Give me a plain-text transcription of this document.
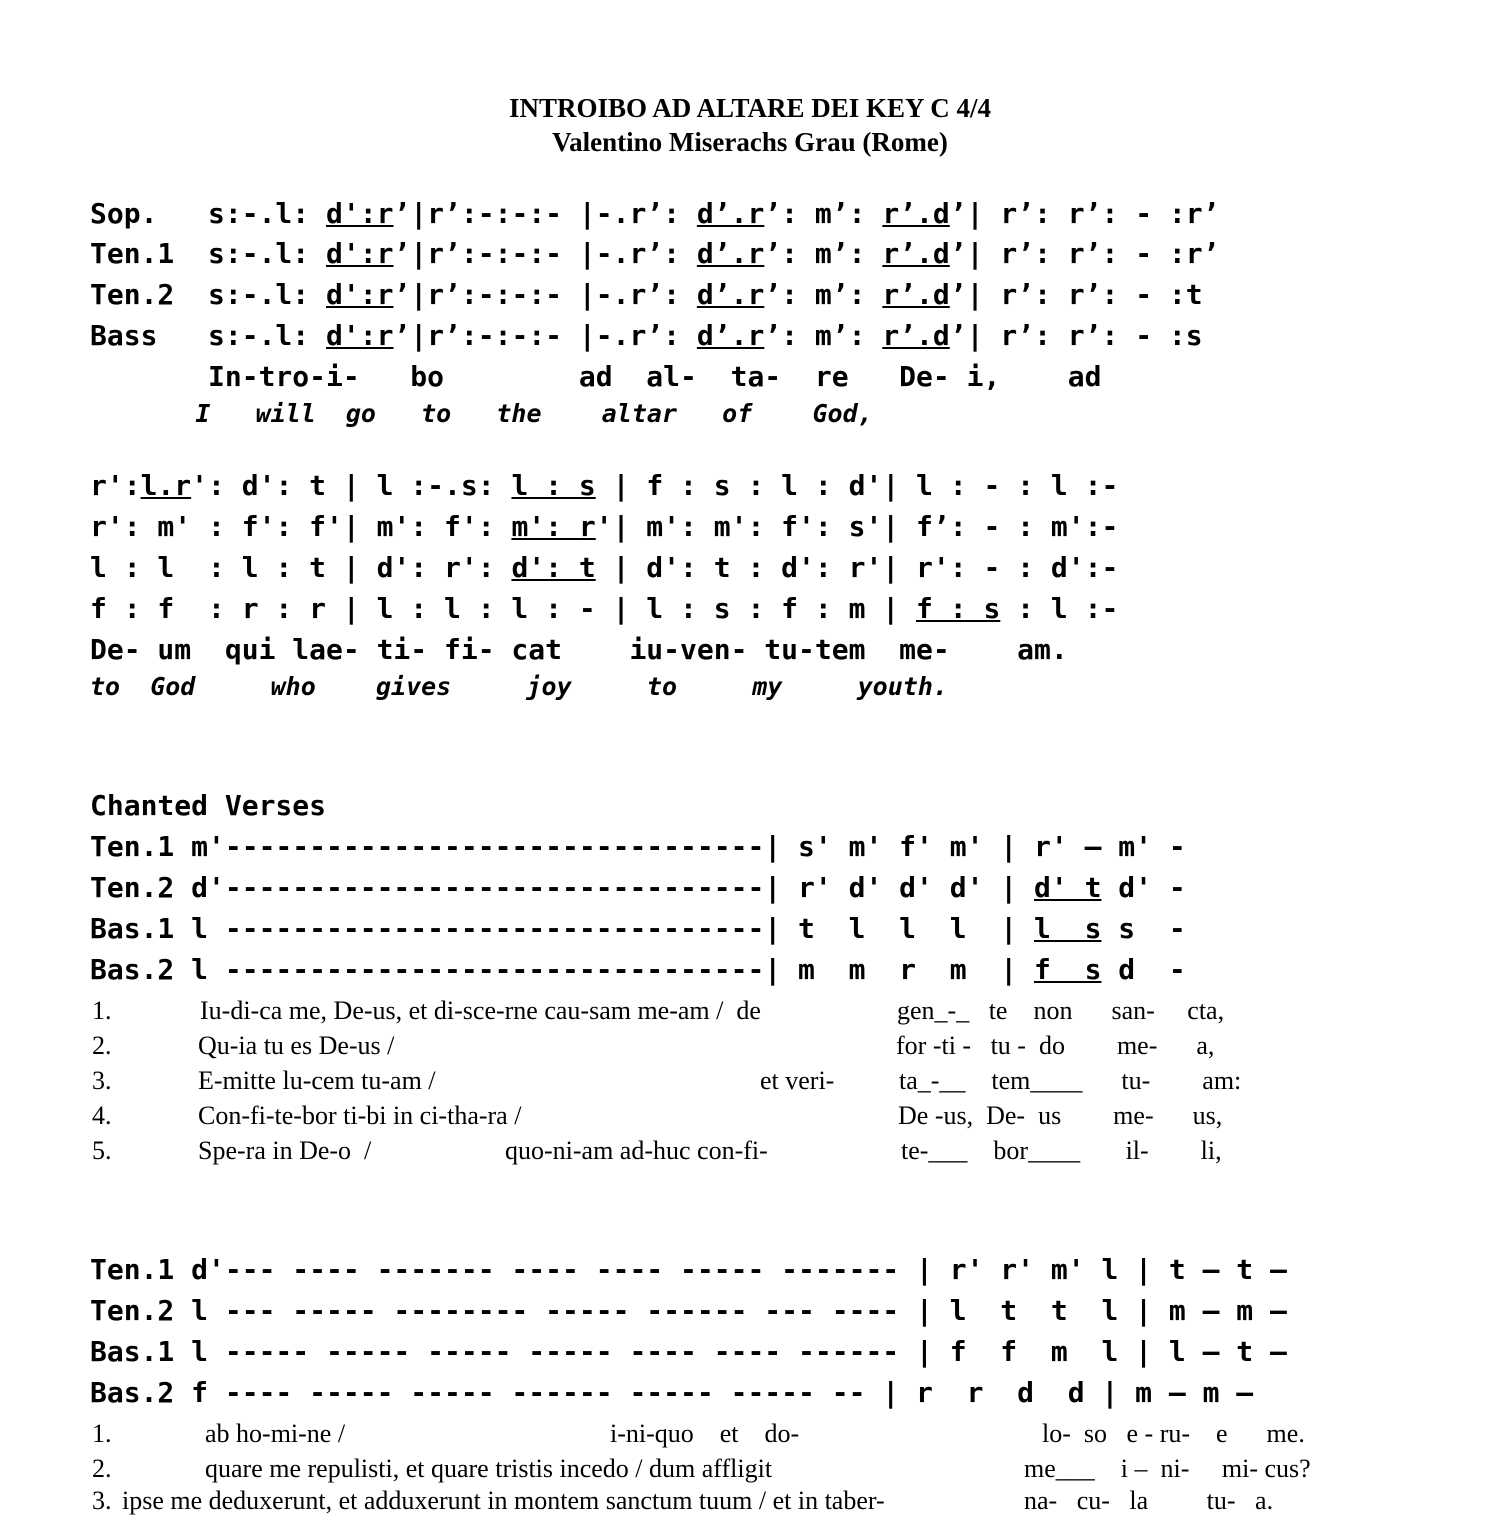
INTROIBO AD ALTARE DEI KEY C 4/4
Valentino Miserachs Grau (Rome)
Sop.   s:-.l: d':r’|r’:-:-:- |-.r’: d’.r’: m’: r’.d’| r’: r’: - :r’
Ten.1  s:-.l: d':r’|r’:-:-:- |-.r’: d’.r’: m’: r’.d’| r’: r’: - :r’
Ten.2  s:-.l: d':r’|r’:-:-:- |-.r’: d’.r’: m’: r’.d’| r’: r’: - :t
Bass   s:-.l: d':r’|r’:-:-:- |-.r’: d’.r’: m’: r’.d’| r’: r’: - :s
In-tro-i-   bo        ad  al-  ta-  re   De- i,    ad
I   will  go   to   the    altar   of    God,
r':l.r': d': t | l :-.s: l : s | f : s : l : d'| l : - : l :-
r': m' : f': f'| m': f': m': r'| m': m': f': s'| f’: - : m':-
l : l  : l : t | d': r': d': t | d': t : d': r'| r': - : d':-
f : f  : r : r | l : l : l : - | l : s : f : m | f : s : l :-
De- um  qui lae- ti- fi- cat    iu-ven- tu-tem  me-    am.
to  God     who    gives     joy     to     my     youth.
Chanted Verses
Ten.1 m'--------------------------------| s' m' f' m' | r' – m' -
Ten.2 d'--------------------------------| r' d' d' d' | d' t d' -
Bas.1 l --------------------------------| t  l  l  l  | l  s s  -
Bas.2 l --------------------------------| m  m  r  m  | f  s d  -
1.	Iu-di-ca me, De-us, et di-sce-rne cau-sam me-am /  de	gen_-_   te    non      san-     cta,
2.	Qu-ia tu es De-us /	for -ti -   tu -  do        me-      a,
3.	E-mitte lu-cem tu-am /	et veri- ta_-__    tem____      tu-        am:
4.	Con-fi-te-bor ti-bi in ci-tha-ra /	De -us,  De-  us        me-      us,
5.	Spe-ra in De-o  /	quo-ni-am ad-huc con-fi-	te-___    bor____       il-        li,
Ten.1 d'--- ---- ------- ---- ---- ----- ------- | r' r' m' l | t – t –
Ten.2 l --- ----- -------- ----- ------ --- ---- | l  t  t  l | m – m –
Bas.1 l ----- ----- ----- ----- ---- ---- ------ | f  f  m  l | l – t –
Bas.2 f ---- ----- ----- ------ ----- ----- -- | r  r  d  d | m – m –
1.	ab ho-mi-ne /	i-ni-quo    et    do-	lo-  so   e - ru-    e      me.
2.	quare me repulisti, et quare tristis incedo / dum affligit	me___    i –  ni-     mi- cus?
3. ipse me deduxerunt, et adduxerunt in montem sanctum tuum / et in taber-	na-   cu-   la         tu-   a.
